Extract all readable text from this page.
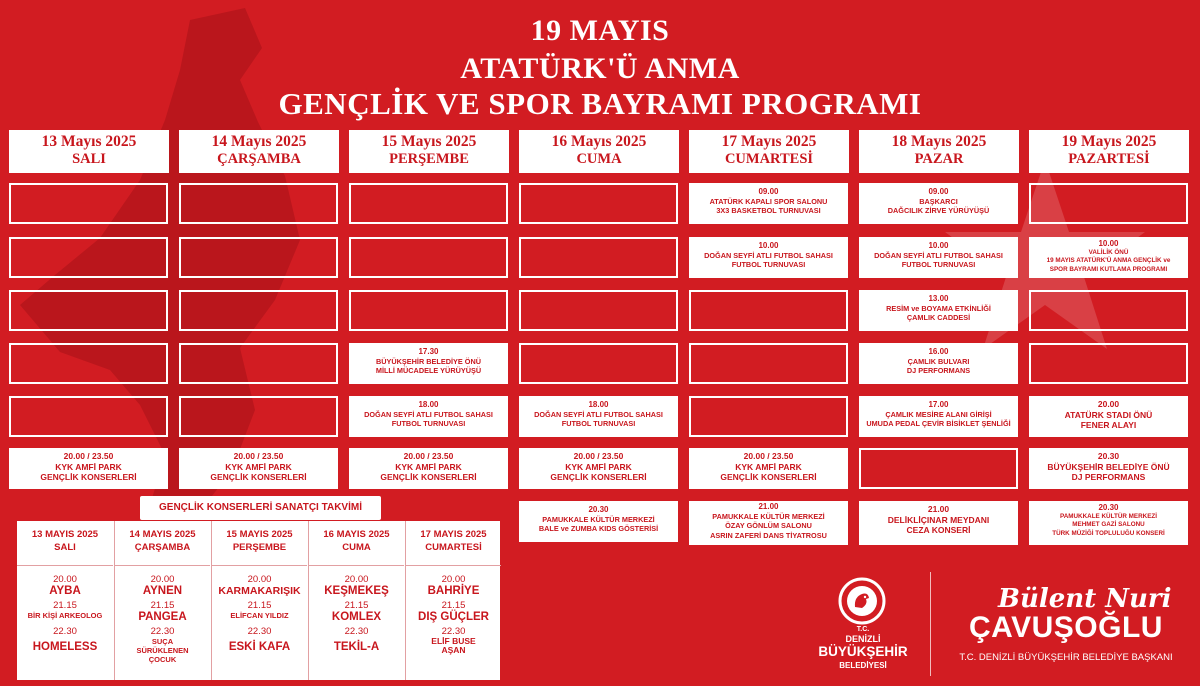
19 MAYIS
ATATÜRK'Ü ANMA
GENÇLİK VE SPOR BAYRAMI PROGRAMI
13 Mayıs 2025
SALI
14 Mayıs 2025
ÇARŞAMBA
15 Mayıs 2025
PERŞEMBE
16 Mayıs 2025
CUMA
17 Mayıs 2025
CUMARTESİ
18 Mayıs 2025
PAZAR
19 Mayıs 2025
PAZARTESİ
20.00 / 23.50
KYK AMFİ PARK
GENÇLİK KONSERLERİ
20.00 / 23.50
KYK AMFİ PARK
GENÇLİK KONSERLERİ
17.30
BÜYÜKŞEHİR BELEDİYE ÖNÜ
MİLLİ MÜCADELE YÜRÜYÜŞÜ
18.00
DOĞAN SEYFİ ATLI FUTBOL SAHASI
FUTBOL TURNUVASI
20.00 / 23.50
KYK AMFİ PARK
GENÇLİK KONSERLERİ
18.00
DOĞAN SEYFİ ATLI FUTBOL SAHASI
FUTBOL TURNUVASI
20.00 / 23.50
KYK AMFİ PARK
GENÇLİK KONSERLERİ
20.30
PAMUKKALE KÜLTÜR MERKEZİ
BALE ve ZUMBA KIDS GÖSTERİSİ
09.00
ATATÜRK KAPALI SPOR SALONU
3X3 BASKETBOL TURNUVASI
10.00
DOĞAN SEYFİ ATLI FUTBOL SAHASI
FUTBOL TURNUVASI
20.00 / 23.50
KYK AMFİ PARK
GENÇLİK KONSERLERİ
21.00
PAMUKKALE KÜLTÜR MERKEZİ
ÖZAY GÖNLÜM SALONU
ASRIN ZAFERİ DANS TİYATROSU
09.00
BAŞKARCI
DAĞCILIK ZİRVE YÜRÜYÜŞÜ
10.00
DOĞAN SEYFİ ATLI FUTBOL SAHASI
FUTBOL TURNUVASI
13.00
RESİM ve BOYAMA ETKİNLİĞİ
ÇAMLIK CADDESİ
16.00
ÇAMLIK BULVARI
DJ PERFORMANS
17.00
ÇAMLIK MESİRE ALANI GİRİŞİ
UMUDA PEDAL ÇEVİR BİSİKLET ŞENLİĞİ
21.00
DELİKLİÇINAR MEYDANI
CEZA KONSERİ
10.00
VALİLİK ÖNÜ
19 MAYIS ATATÜRK'Ü ANMA GENÇLİK ve
SPOR BAYRAMI KUTLAMA PROGRAMI
20.00
ATATÜRK STADI ÖNÜ
FENER ALAYI
20.30
BÜYÜKŞEHİR BELEDİYE ÖNÜ
DJ PERFORMANS
20.30
PAMUKKALE KÜLTÜR MERKEZİ
MEHMET GAZİ SALONU
TÜRK MÜZİĞİ TOPLULUĞU KONSERİ
GENÇLİK KONSERLERİ SANATÇI TAKVİMİ
13 MAYIS 2025
SALI
20.00
AYBA
21.15
BİR KİŞİ ARKEOLOG
22.30
HOMELESS
14 MAYIS 2025
ÇARŞAMBA
20.00
AYNEN
21.15
PANGEA
22.30
SUÇA SÜRÜKLENEN ÇOCUK
15 MAYIS 2025
PERŞEMBE
20.00
KARMAKARIŞIK
21.15
ELİFCAN YILDIZ
22.30
ESKİ KAFA
16 MAYIS 2025
CUMA
20.00
KEŞMEKEŞ
21.15
KOMLEX
22.30
TEKİL-A
17 MAYIS 2025
CUMARTESİ
20.00
BAHRİYE
21.15
DIŞ GÜÇLER
22.30
ELİF BUSE AŞAN
T.C.
DENİZLİ
BÜYÜKŞEHİR
BELEDİYESİ
Bülent Nuri
ÇAVUŞOĞLU
T.C. DENİZLİ BÜYÜKŞEHİR BELEDİYE BAŞKANI
